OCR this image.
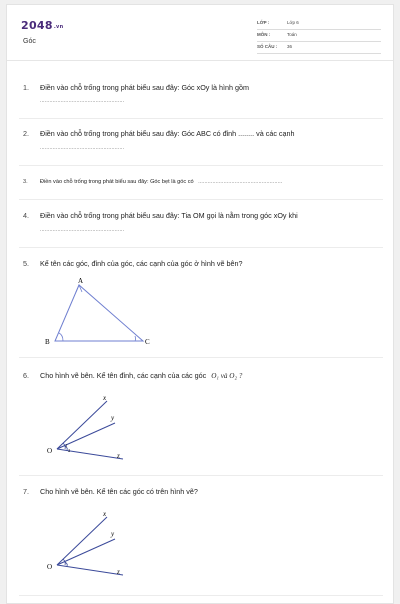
$2048^{.vn}$
Góc
LỚP :	Lớp 6
MÔN :	Toán
SỐ CÂU : 36
1. Điền vào chỗ trống trong phát biểu sau đây: Góc xOy là hình gồm
.....................................................
2. Điền vào chỗ trống trong phát biểu sau đây: Góc ABC có đỉnh ........ và các cạnh
.....................................................
3. Điền vào chỗ trống trong phát biểu sau đây: Góc bẹt là góc có .....................................................
4. Điền vào chỗ trống trong phát biểu sau đây: Tia OM gọi là nằm trong góc xOy khi
.....................................................
5. Kể tên các góc, đỉnh của góc, các cạnh của góc ở hình vẽ bên?
A
B	C
6. Cho hình vẽ bên. Kể tên đỉnh, các cạnh của các góc O₁ và O₂ ?
O
x
y
z
1
2
7. Cho hình vẽ bên. Kể tên các góc có trên hình vẽ?
O
x
y
z
